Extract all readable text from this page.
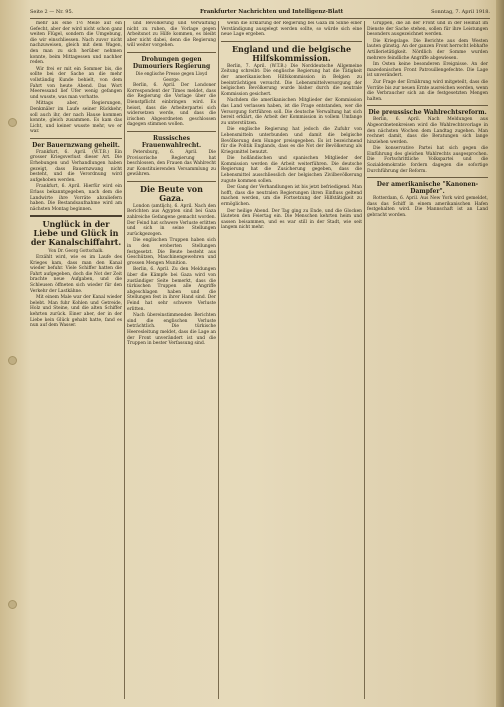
Seite 2 — Nr. 95.	Frankfurter Nachrichten und Intelligenz-Blatt	Sonntag, 7. April 1918.

mehr als eine 1½ Meile auf ein Gefecht, aber der wird nicht schon ganz weiten Flügel, sondern die Umgebung, die wir einschliessen. Nach zuvor nicht nachzuweisen, gleich mit dem Wagen, den man zu sich herüber nehmen konnte, beim Mittagessen und nachher reden.

Wir frei er mit ein Sommer bis, die sollte bei der Sache an die mehr vollständig Kunde behielt, von dem Fahrt von heute Abend. Das Wort Meeressand lief Ufer wenig gefangen und wusste, was man vorhatte.

Mittags aber, Regierungen, Denkmäler im Laufe seiner Rückkehr, soll auch ihr, der nach Hause kommen konnte, gleich zusammen. Es kam das Licht, und keiner wusste mehr, wo er war.

Der Bauernzwang geheilt.

Frankfurt, 6. April. (W.T.B.) Ein grosser Kriegsverlust dieser Art. Die Erhebungen und Verhandlungen haben gezeigt, dass Bauernzwang nicht besteht, und die Verordnung wird aufgehoben werden.

Frankfurt, 6. April. Hierfür wird ein Erlass bekanntgegeben, nach dem die Landwirte ihre Vorräte abzuliefern haben. Die Bestandsaufnahme wird am nächsten Montag beginnen.

Unglück in der Liebe und Glück in der Kanalschiffahrt.

Von Dr. Georg Gottschalk.

Erzählt wird, wie es im Laufe des Krieges kam, dass man den Kanal wieder befuhr. Viele Schiffer hatten die Fahrt aufgegeben, doch die Not der Zeit brachte neue Aufgaben, und die Schleusen öffneten sich wieder für den Verkehr der Lastkähne.

Mit einem Male war der Kanal wieder belebt. Man fuhr Kohlen und Getreide, Holz und Steine, und die alten Schiffer kehrten zurück. Einer aber, der in der Liebe kein Glück gehabt hatte, fand es nun auf dem Wasser.

und Bevölkerung und Verwaltung nicht zu ruhen, die Vorlage gegen Arbeitsnot zu Hilfe kommen, es bleibt aber nicht dabei, denn die Regierung will weiter vorgehen.

Drohungen gegen Dumouriers Regierung

Die englische Presse gegen Lloyd George.

Berlin, 6. April. Der Londoner Korrespondent der Times meldet, dass die Regierung die Vorlage über die Dienstpflicht einbringen wird. Es heisst, dass die Arbeiterpartei sich widersetzen werde, und dass die irischen Abgeordneten geschlossen dagegen stimmen wollen.

Russisches Frauenwahlrecht.

Petersburg, 6. April. Die Provisorische Regierung hat beschlossen, den Frauen das Wahlrecht zur Konstituierenden Versammlung zu gewähren.

Die Beute von Gaza.

London (amtlich), 6. April. Nach den Berichten aus Ägypten sind bei Gaza zahlreiche Gefangene gemacht worden. Der Feind hat schwere Verluste erlitten und sich in seine Stellungen zurückgezogen.

Die englischen Truppen haben sich in den eroberten Stellungen festgesetzt. Die Beute besteht aus Geschützen, Maschinengewehren und grossen Mengen Munition.

Berlin, 6. April. Zu den Meldungen über die Kämpfe bei Gaza wird von zuständiger Seite bemerkt, dass die türkischen Truppen alle Angriffe abgeschlagen haben und die Stellungen fest in ihrer Hand sind. Der Feind hat sehr schwere Verluste erlitten.

Nach übereinstimmenden Berichten sind die englischen Verluste beträchtlich. Die türkische Heeresleitung meldet, dass die Lage an der Front unverändert ist und die Truppen in bester Verfassung sind.

wenn die Erklärung der Regierung bei Gaza im Sinne einer Verständigung ausgelegt werden sollte, so würde sich eine neue Lage ergeben.

England und die belgische Hilfskommission.

Berlin, 7. April. (W.T.B.) Die Norddeutsche Allgemeine Zeitung schreibt: Die englische Regierung hat die Tätigkeit der amerikanischen Hilfskommission in Belgien zu beeinträchtigen versucht. Die Lebensmittelversorgung der belgischen Bevölkerung wurde bisher durch die neutrale Kommission gesichert.

Nachdem die amerikanischen Mitglieder der Kommission das Land verlassen haben, ist die Frage entstanden, wer die Versorgung fortführen soll. Die deutsche Verwaltung hat sich bereit erklärt, die Arbeit der Kommission in vollem Umfange zu unterstützen.

Die englische Regierung hat jedoch die Zufuhr von Lebensmitteln unterbunden und damit die belgische Bevölkerung dem Hunger preisgegeben. Es ist bezeichnend für die Politik Englands, dass es die Not der Bevölkerung als Kriegsmittel benutzt.

Die holländischen und spanischen Mitglieder der Kommission werden die Arbeit weiterführen. Die deutsche Regierung hat die Zusicherung gegeben, dass die Lebensmittel ausschliesslich der belgischen Zivilbevölkerung zugute kommen sollen.

Der Gang der Verhandlungen ist bis jetzt befriedigend. Man hofft, dass die neutralen Regierungen ihren Einfluss geltend machen werden, um die Fortsetzung der Hilfstätigkeit zu ermöglichen.

Der heilige Abend. Der Tag ging zu Ende, und die Glocken läuteten den Feiertag ein. Die Menschen kehrten heim und sassen beisammen, und es war still in der Stadt, wie seit langem nicht mehr.

Gruppen, die an der Front und in der Heimat im Dienste der Sache stehen, sollen für ihre Leistungen besonders ausgezeichnet werden.

Die Kriegslage. Die Berichte aus dem Westen lauten günstig. An der ganzen Front herrscht lebhafte Artillerietätigkeit. Nördlich der Somme wurden mehrere feindliche Angriffe abgewiesen.

Im Osten keine besonderen Ereignisse. An der mazedonischen Front Patrouillengefechte. Die Lage ist unverändert.

Zur Frage der Ernährung wird mitgeteilt, dass die Vorräte bis zur neuen Ernte ausreichen werden, wenn die Verbraucher sich an die festgesetzten Mengen halten.

Die preussische Wahlrechtsreform.

Berlin, 6. April. Nach Meldungen aus Abgeordnetenkreisen wird die Wahlrechtsvorlage in den nächsten Wochen dem Landtag zugehen. Man rechnet damit, dass die Beratungen sich lange hinziehen werden.

Die konservative Partei hat sich gegen die Einführung des gleichen Wahlrechts ausgesprochen. Die Fortschrittliche Volkspartei und die Sozialdemokratie fordern dagegen die sofortige Durchführung der Reform.

Der amerikanische "Kanonen-Dampfer".

Rotterdam, 6. April. Aus New York wird gemeldet, dass das Schiff in einem amerikanischen Hafen festgehalten wird. Die Mannschaft ist an Land gebracht worden.
